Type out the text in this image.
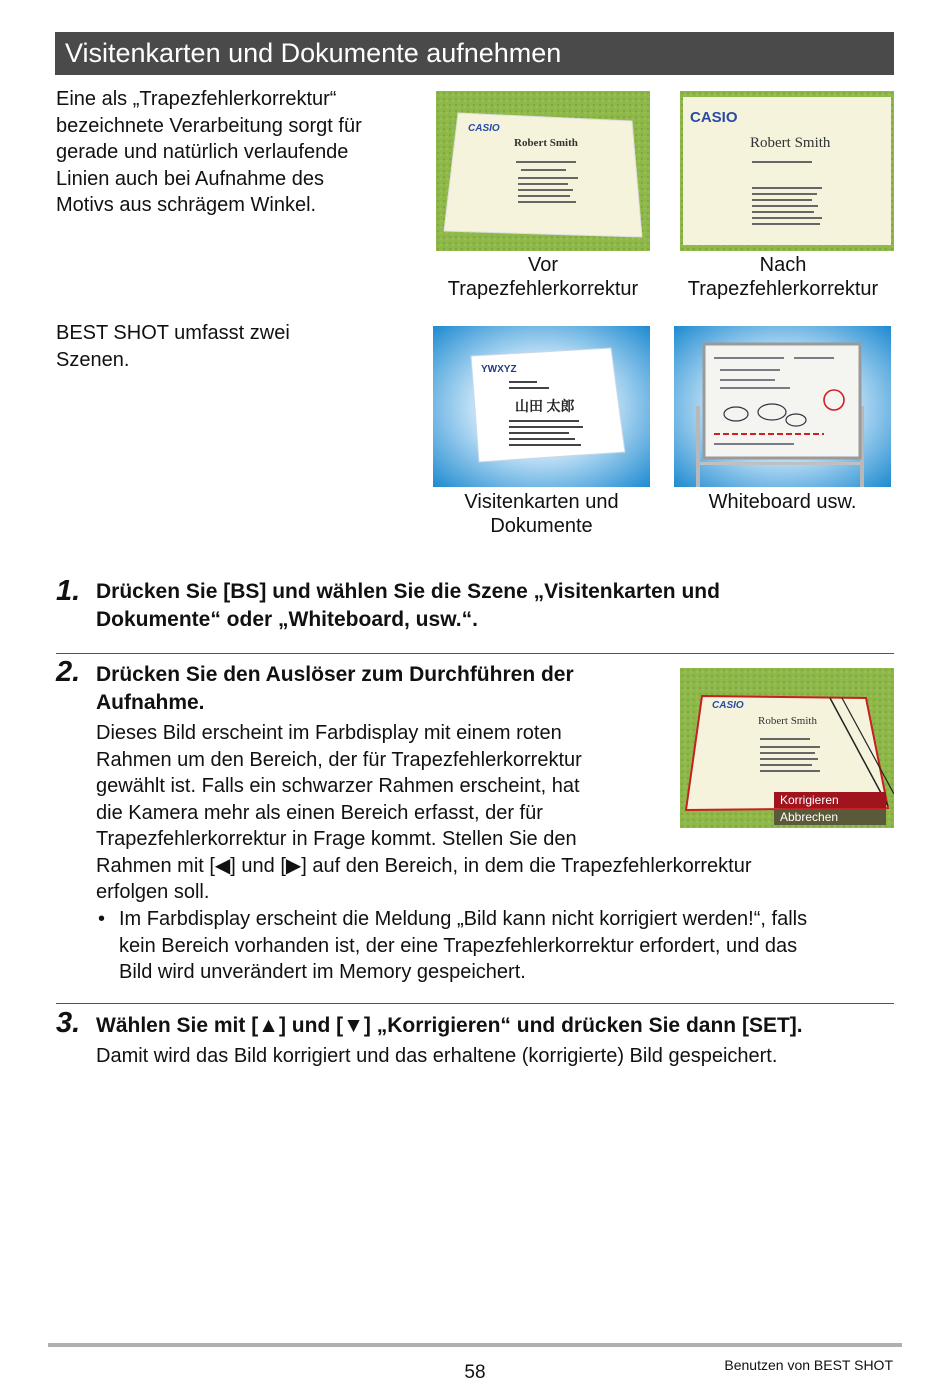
Visitenkarten und Dokumente aufnehmen
Eine als „Trapezfehlerkorrektur“
bezeichnete Verarbeitung sorgt für
gerade und natürlich verlaufende
Linien auch bei Aufnahme des
Motivs aus schrägem Winkel.
CASIO
Robert Smith
Vor
Trapezfehlerkorrektur
CASIO
Robert Smith
Nach
Trapezfehlerkorrektur
BEST SHOT umfasst zwei
Szenen.	YWXYZ
山田 太郎
Visitenkarten und
Dokumente
Whiteboard usw.
1. Drücken Sie [BS] und wählen Sie die Szene „Visitenkarten und
Dokumente“ oder „Whiteboard, usw.“.
2. Drücken Sie den Auslöser zum Durchführen der
Aufnahme.
Dieses Bild erscheint im Farbdisplay mit einem roten
Rahmen um den Bereich, der für Trapezfehlerkorrektur
gewählt ist. Falls ein schwarzer Rahmen erscheint, hat
die Kamera mehr als einen Bereich erfasst, der für
Trapezfehlerkorrektur in Frage kommt. Stellen Sie den
Rahmen mit [◀] und [▶] auf den Bereich, in dem die Trapezfehlerkorrektur
erfolgen soll.
• Im Farbdisplay erscheint die Meldung „Bild kann nicht korrigiert werden!“, falls
kein Bereich vorhanden ist, der eine Trapezfehlerkorrektur erfordert, und das
Bild wird unverändert im Memory gespeichert.
CASIO
Robert Smith
Korrigieren
Abbrechen
3. Wählen Sie mit [▲] und [▼] „Korrigieren“ und drücken Sie dann [SET].
Damit wird das Bild korrigiert und das erhaltene (korrigierte) Bild gespeichert.
58	Benutzen von BEST SHOT
